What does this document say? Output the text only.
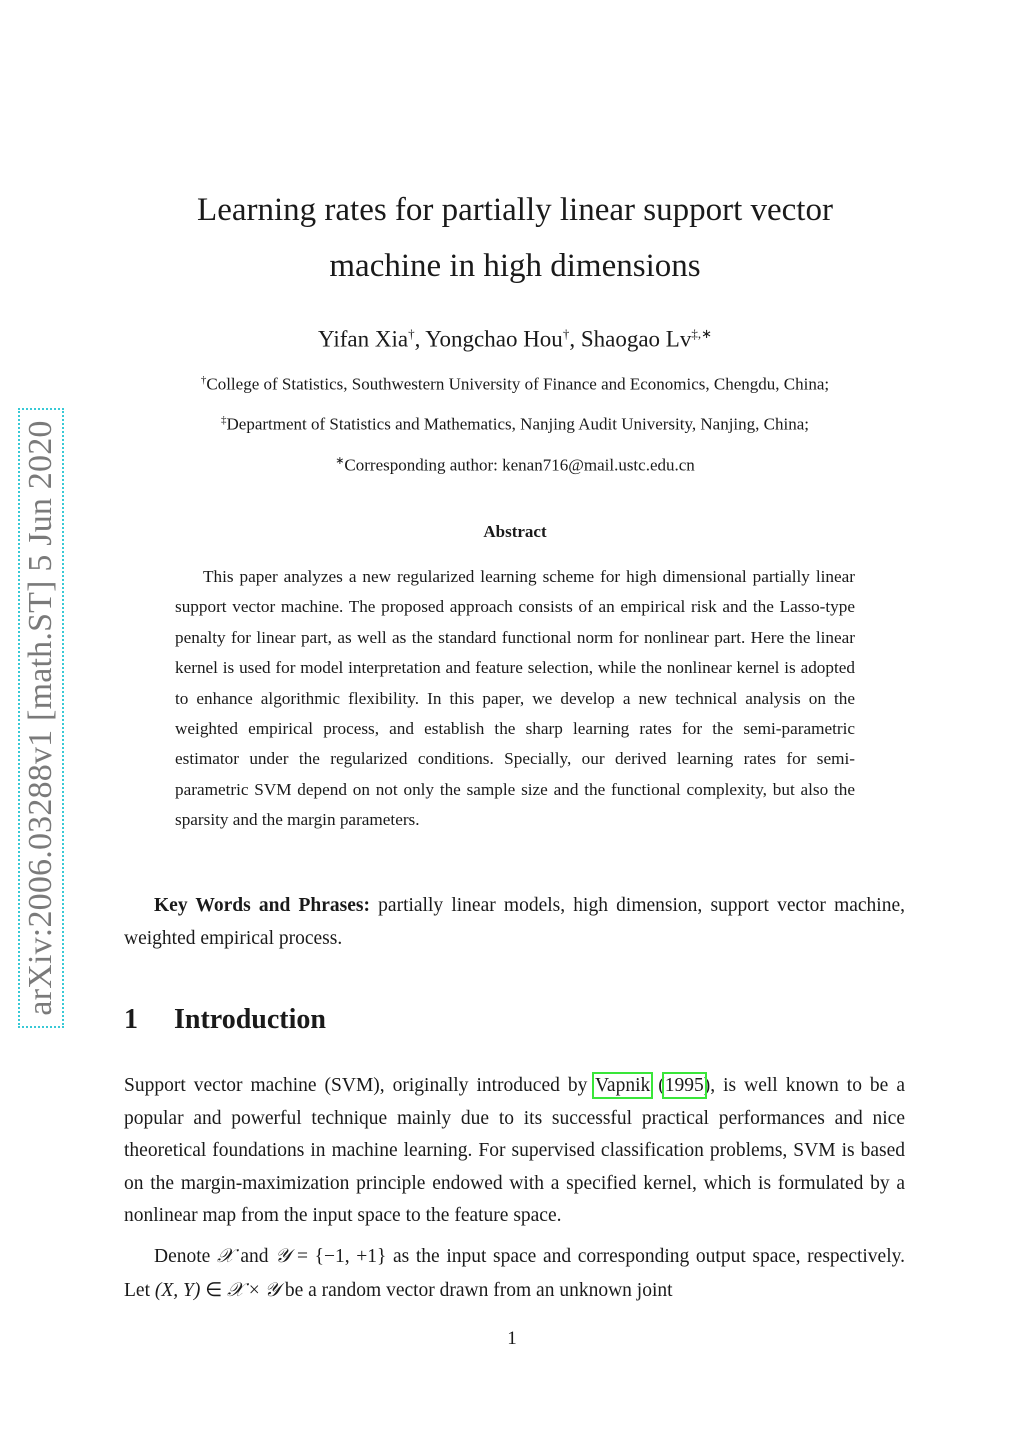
arXiv:2006.03288v1 [math.ST] 5 Jun 2020
Learning rates for partially linear support vector
machine in high dimensions
Yifan Xia†, Yongchao Hou†, Shaogao Lv‡,∗
†College of Statistics, Southwestern University of Finance and Economics, Chengdu, China;
‡Department of Statistics and Mathematics, Nanjing Audit University, Nanjing, China;
∗Corresponding author: kenan716@mail.ustc.edu.cn
Abstract

This paper analyzes a new regularized learning scheme for high dimensional partially linear support vector machine. The proposed approach consists of an empirical risk and the Lasso-type penalty for linear part, as well as the standard functional norm for nonlinear part. Here the linear kernel is used for model interpretation and feature selection, while the nonlinear kernel is adopted to enhance algorithmic flexibility. In this paper, we develop a new technical analysis on the weighted empirical process, and establish the sharp learning rates for the semi-parametric estimator under the regularized conditions. Specially, our derived learning rates for semi-parametric SVM depend on not only the sample size and the functional complexity, but also the sparsity and the margin parameters.

Key Words and Phrases: partially linear models, high dimension, support vector machine, weighted empirical process.

1 Introduction

Support vector machine (SVM), originally introduced by Vapnik (1995), is well known to be a popular and powerful technique mainly due to its successful practical performances and nice theoretical foundations in machine learning. For supervised classification problems, SVM is based on the margin-maximization principle endowed with a specified kernel, which is formulated by a nonlinear map from the input space to the feature space.

Denote 𝒳 and 𝒴 = {−1, +1} as the input space and corresponding output space, respectively. Let (X, Y) ∈ 𝒳 × 𝒴 be a random vector drawn from an unknown joint

1
